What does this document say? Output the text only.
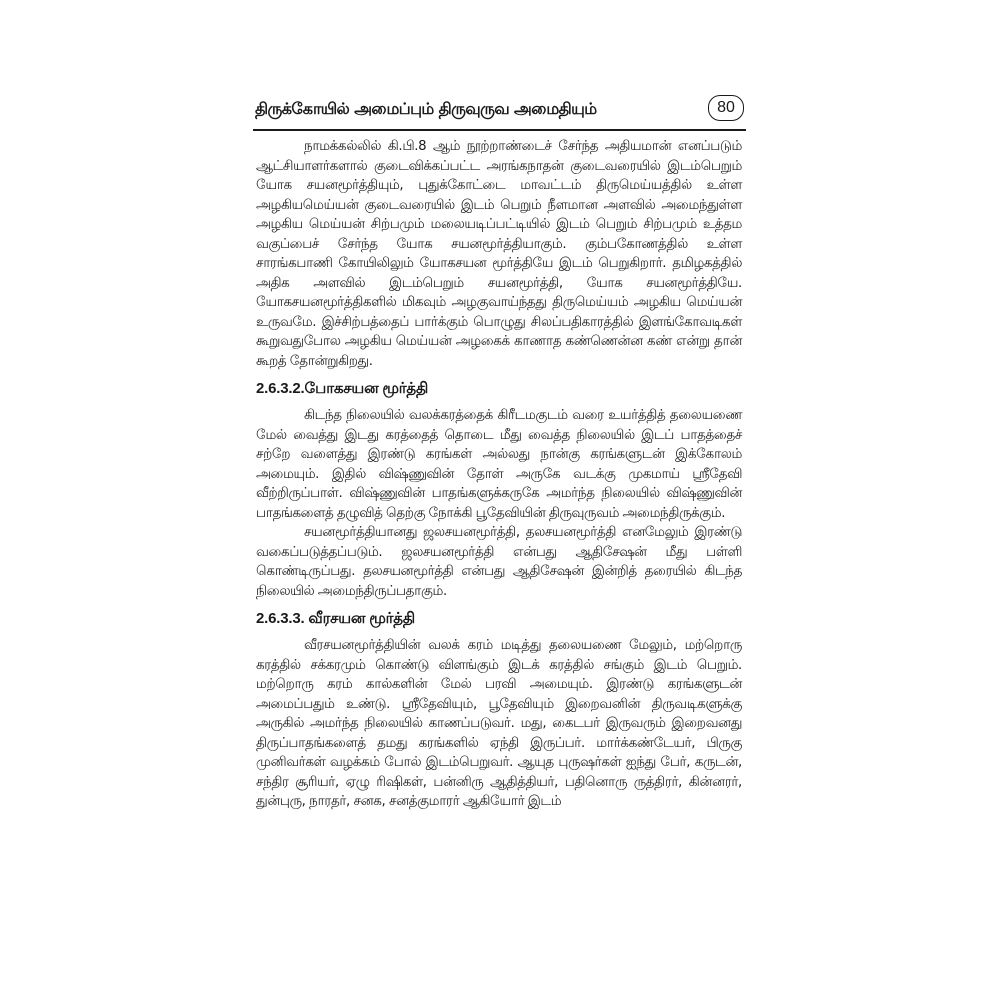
திருக்கோயில் அமைப்பும் திருவுருவ அமைதியும்	80

நாமக்கல்லில் கி.பி.8 ஆம் நூற்றாண்டைச் சேர்ந்த அதியமான் எனப்படும் ஆட்சியாளர்களால் குடைவிக்கப்பட்ட அரங்கநாதன் குடைவரையில் இடம்பெறும் யோக சயனமூர்த்தியும், புதுக்கோட்டை மாவட்டம் திருமெய்யத்தில் உள்ள அழகியமெய்யன் குடைவரையில் இடம் பெறும் நீளமான அளவில் அமைந்துள்ள அழகிய மெய்யன் சிற்பமும் மலையடிப்பட்டியில் இடம் பெறும் சிற்பமும் உத்தம வகுப்பைச் சேர்ந்த யோக சயனமூர்த்தியாகும். கும்பகோணத்தில் உள்ள சாரங்கபாணி கோயிலிலும் யோகசயன மூர்த்தியே இடம் பெறுகிறார். தமிழகத்தில் அதிக அளவில் இடம்பெறும் சயனமூர்த்தி, யோக சயனமூர்த்தியே. யோகசயனமூர்த்திகளில் மிகவும் அழகுவாய்ந்தது திருமெய்யம் அழகிய மெய்யன் உருவமே. இச்சிற்பத்தைப் பார்க்கும் பொழுது சிலப்பதிகாரத்தில் இளங்கோவடிகள் கூறுவதுபோல அழகிய மெய்யன் அழகைக் காணாத கண்ணென்ன கண் என்று தான் கூறத் தோன்றுகிறது.

2.6.3.2.போகசயன மூர்த்தி

கிடந்த நிலையில் வலக்கரத்தைக் கிரீடமகுடம் வரை உயர்த்தித் தலையணை மேல் வைத்து இடது கரத்தைத் தொடை மீது வைத்த நிலையில் இடப் பாதத்தைச் சற்றே வளைத்து இரண்டு கரங்கள் அல்லது நான்கு கரங்களுடன் இக்கோலம் அமையும். இதில் விஷ்ணுவின் தோள் அருகே வடக்கு முகமாய் ஸ்ரீதேவி வீற்றிருப்பாள். விஷ்ணுவின் பாதங்களுக்கருகே அமர்ந்த நிலையில் விஷ்ணுவின் பாதங்களைத் தழுவித் தெற்கு நோக்கி பூதேவியின் திருவுருவம் அமைந்திருக்கும்.

சயனமூர்த்தியானது ஜலசயனமூர்த்தி, தலசயனமூர்த்தி எனமேலும் இரண்டு வகைப்படுத்தப்படும். ஜலசயனமூர்த்தி என்பது ஆதிசேஷன் மீது பள்ளி கொண்டிருப்பது. தலசயனமூர்த்தி என்பது ஆதிசேஷன் இன்றித் தரையில் கிடந்த நிலையில் அமைந்திருப்பதாகும்.

2.6.3.3. வீரசயன மூர்த்தி

வீரசயனமூர்த்தியின் வலக் கரம் மடித்து தலையணை மேலும், மற்றொரு கரத்தில் சக்கரமும் கொண்டு விளங்கும் இடக் கரத்தில் சங்கும் இடம் பெறும். மற்றொரு கரம் கால்களின் மேல் பரவி அமையும். இரண்டு கரங்களுடன் அமைப்பதும் உண்டு. ஸ்ரீதேவியும், பூதேவியும் இறைவனின் திருவடிகளுக்கு அருகில் அமர்ந்த நிலையில் காணப்படுவர். மது, கைடபர் இருவரும் இறைவனது திருப்பாதங்களைத் தமது கரங்களில் ஏந்தி இருப்பர். மார்க்கண்டேயர், பிருகு முனிவர்கள் வழக்கம் போல் இடம்பெறுவர். ஆயுத புருஷர்கள் ஐந்து பேர், கருடன், சந்திர சூரியர், ஏழு ரிஷிகள், பன்னிரு ஆதித்தியர், பதினொரு ருத்திரர், கின்னரர், துன்புரு, நாரதர், சனக, சனத்குமாரர் ஆகியோர் இடம்
